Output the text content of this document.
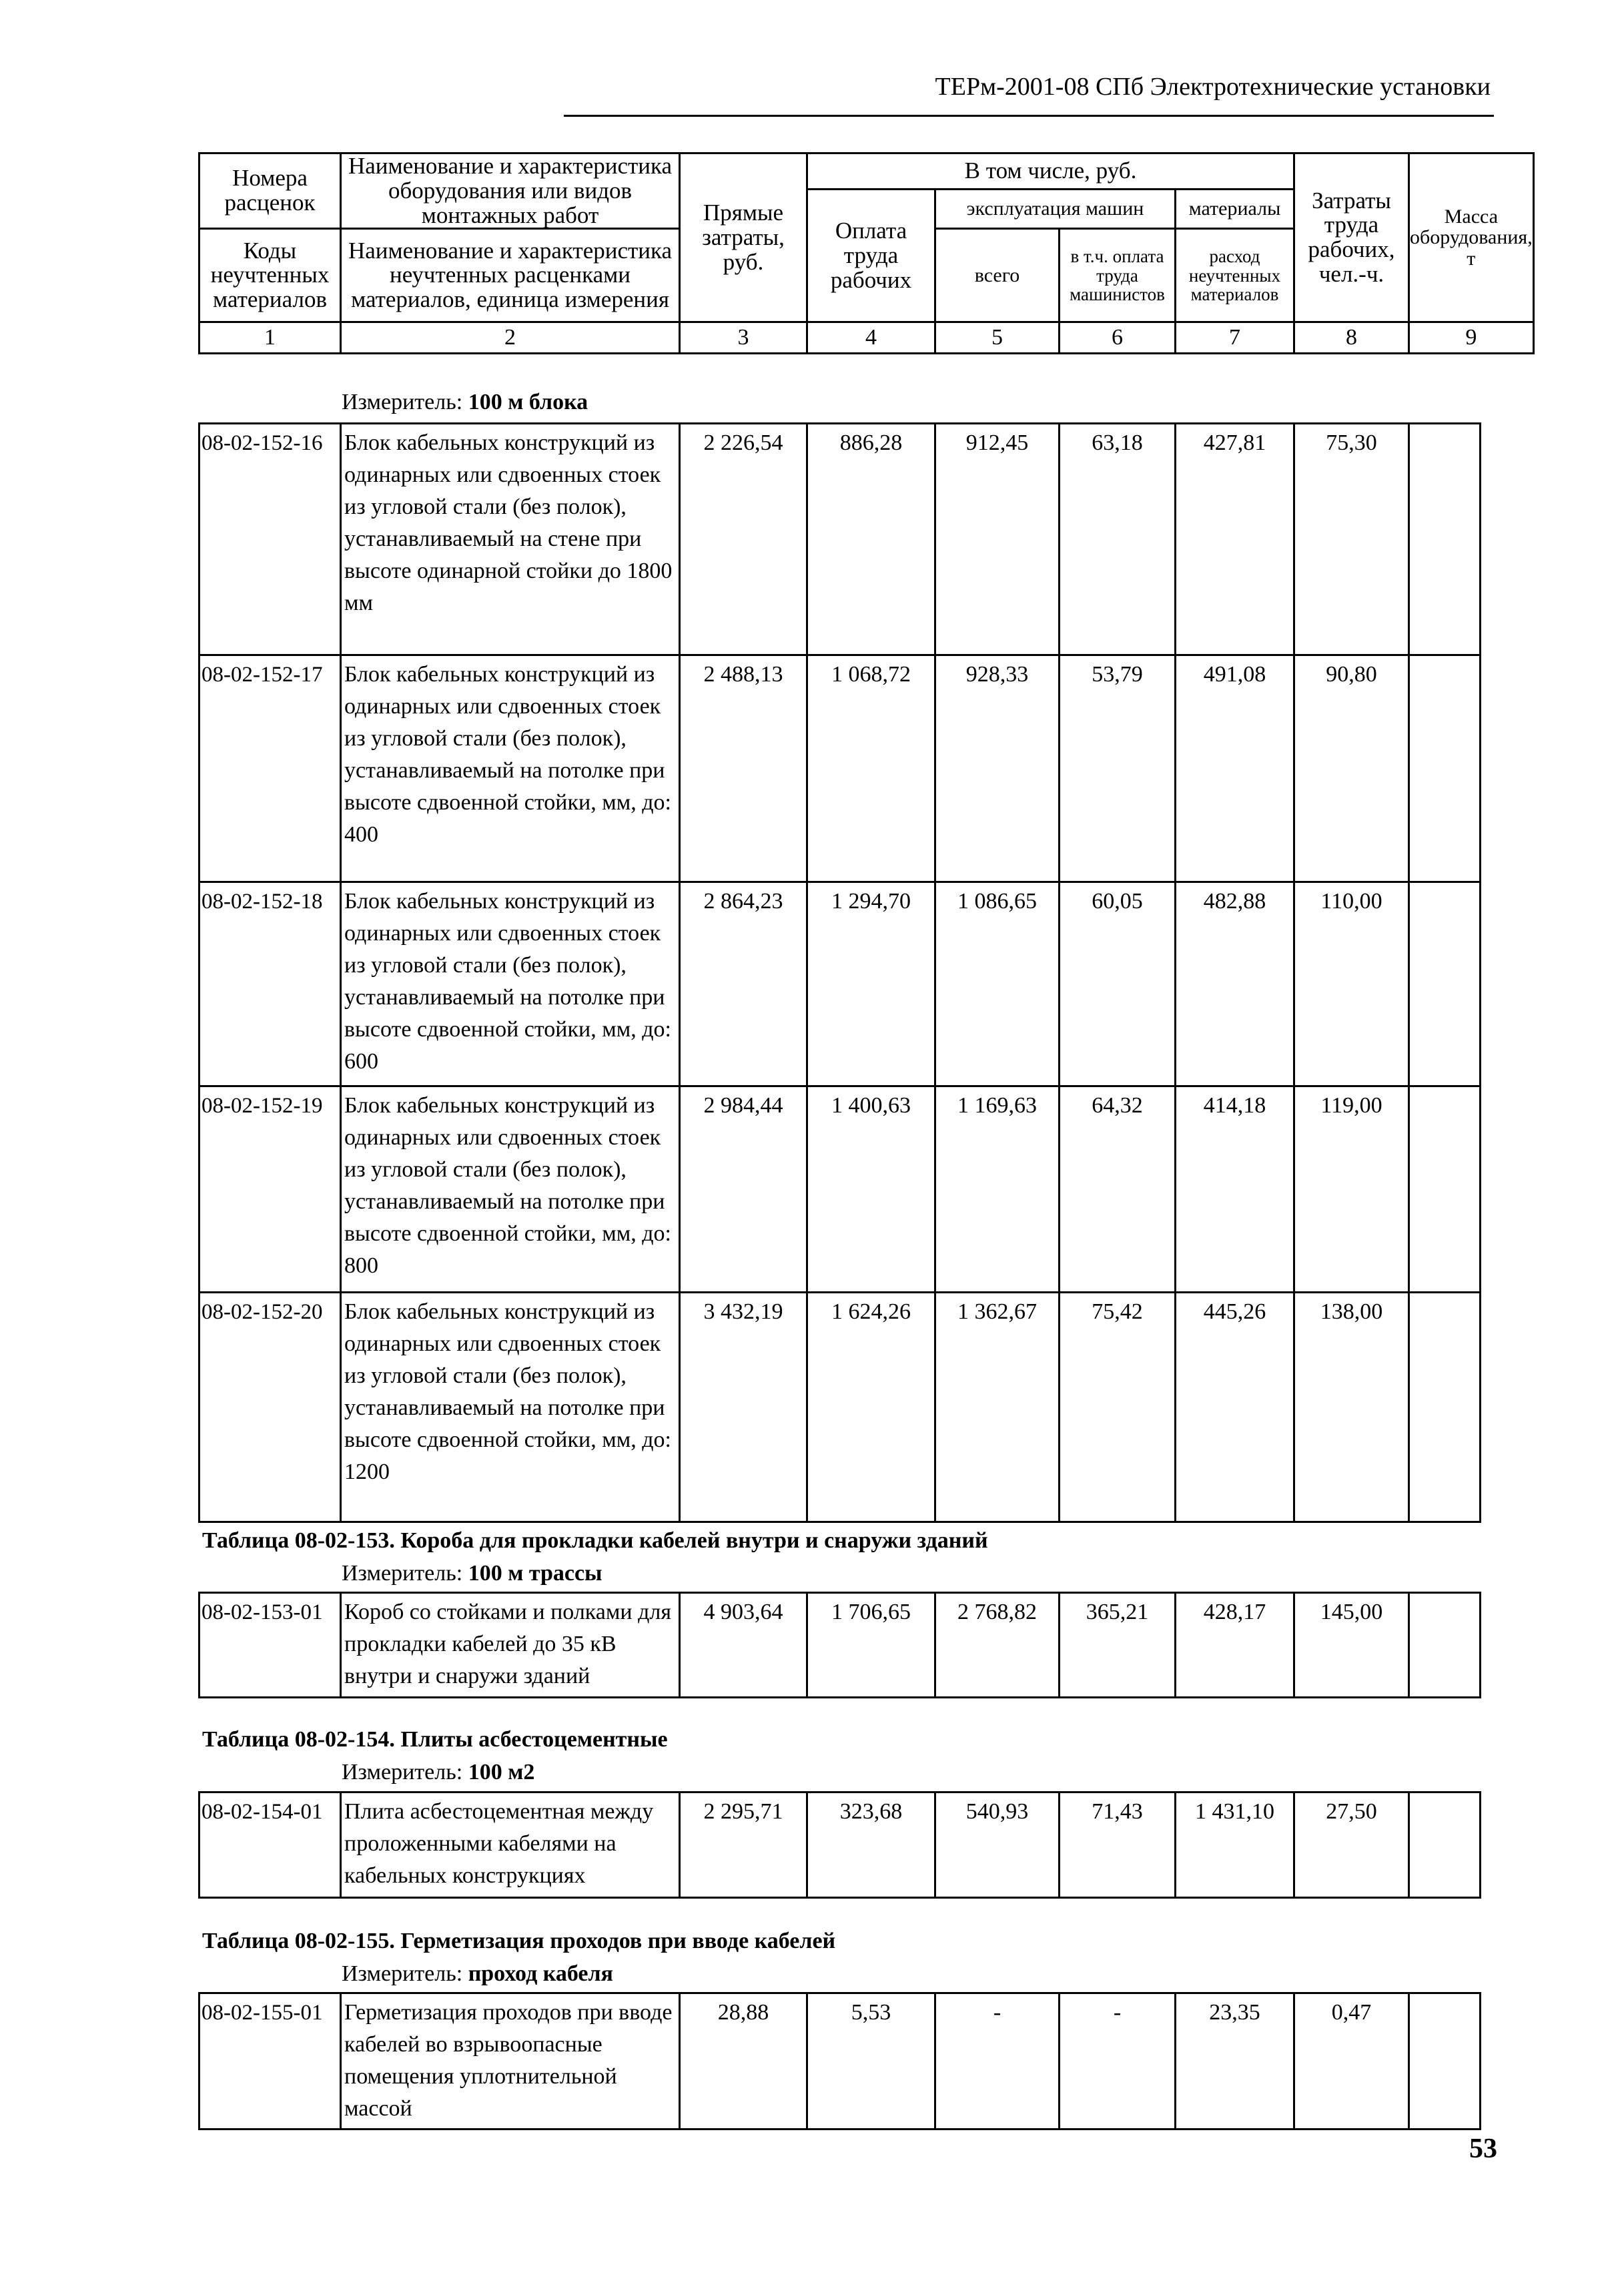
ТЕРм-2001-08 СПб Электротехнические установки
Номера расценок	Наименование и характеристика оборудования или видов монтажных работ	Прямые затраты, руб.	В том числе, руб.				Затраты труда рабочих, чел.-ч.	Масса оборудования, т
			Оплата труда рабочих	эксплуатация машин		материалы		
Коды неучтенных материалов	Наименование и характеристика неучтенных расценками материалов, единица измерения			всего	в т.ч. оплата труда машинистов	расход неучтенных материалов		

1	2	3	4	5	6	7	8	9
Измеритель: 100 м блока
08-02-152-16	Блок кабельных конструкций из одинарных или сдвоенных стоек из угловой стали (без полок), устанавливаемый на стене при высоте одинарной стойки до 1800 мм	2 226,54	886,28	912,45	63,18	427,81	75,30	
08-02-152-17	Блок кабельных конструкций из одинарных или сдвоенных стоек из угловой стали (без полок), устанавливаемый на потолке при высоте сдвоенной стойки, мм, до: 400	2 488,13	1 068,72	928,33	53,79	491,08	90,80	
08-02-152-18	Блок кабельных конструкций из одинарных или сдвоенных стоек из угловой стали (без полок), устанавливаемый на потолке при высоте сдвоенной стойки, мм, до: 600	2 864,23	1 294,70	1 086,65	60,05	482,88	110,00	
08-02-152-19	Блок кабельных конструкций из одинарных или сдвоенных стоек из угловой стали (без полок), устанавливаемый на потолке при высоте сдвоенной стойки, мм, до: 800	2 984,44	1 400,63	1 169,63	64,32	414,18	119,00	
08-02-152-20	Блок кабельных конструкций из одинарных или сдвоенных стоек из угловой стали (без полок), устанавливаемый на потолке при высоте сдвоенной стойки, мм, до: 1200	3 432,19	1 624,26	1 362,67	75,42	445,26	138,00	
Таблица 08-02-153. Короба для прокладки кабелей внутри и снаружи зданий
Измеритель: 100 м трассы
08-02-153-01	Короб со стойками и полками для прокладки кабелей до 35 кВ внутри и снаружи зданий	4 903,64	1 706,65	2 768,82	365,21	428,17	145,00	
Таблица 08-02-154. Плиты асбестоцементные
Измеритель: 100 м2
08-02-154-01	Плита асбестоцементная между проложенными кабелями на кабельных конструкциях	2 295,71	323,68	540,93	71,43	1 431,10	27,50	
Таблица 08-02-155. Герметизация проходов при вводе кабелей
Измеритель: проход кабеля
08-02-155-01	Герметизация проходов при вводе кабелей во взрывоопасные помещения уплотнительной массой	28,88	5,53	-	-	23,35	0,47	
53
